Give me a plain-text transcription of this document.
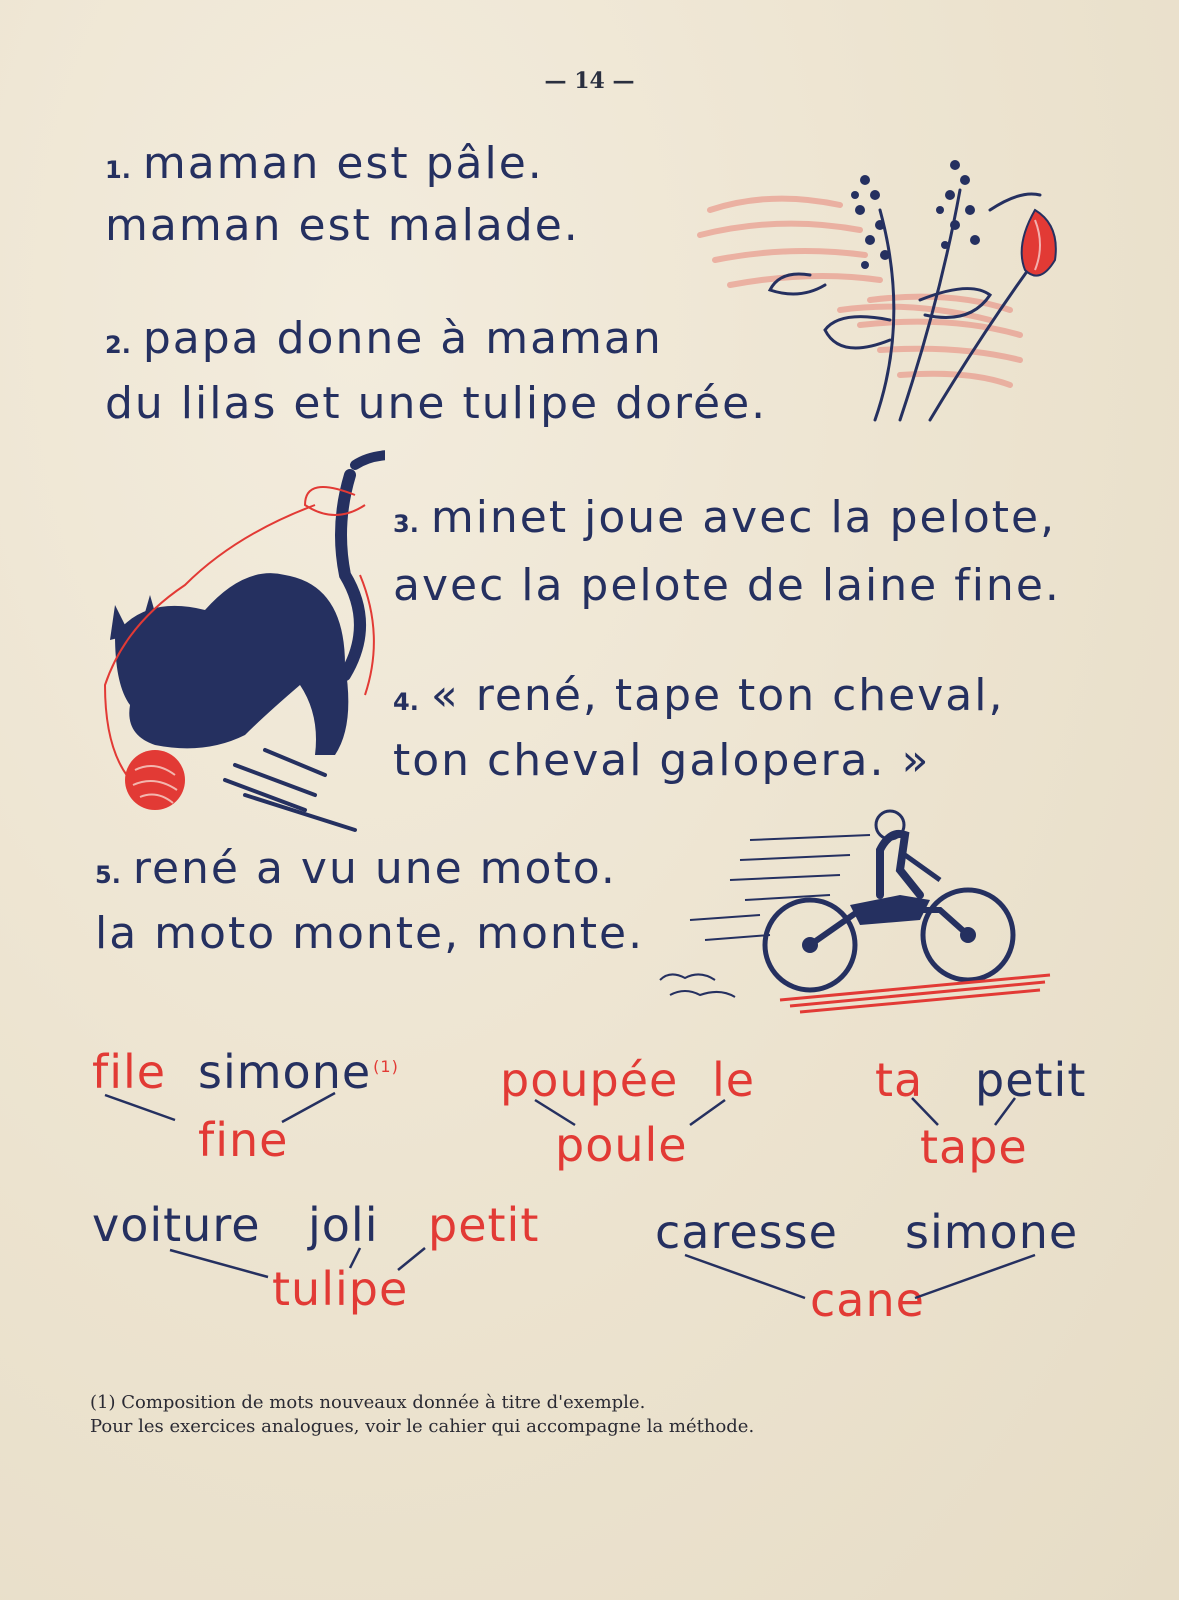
— 14 —
1. maman est pâle.
maman est malade.
2. papa donne à maman
du lilas et une tulipe dorée.
3. minet joue avec la pelote,
avec la pelote de laine fine.
4. « rené, tape ton cheval,
ton cheval galopera. »
5. rené a vu une moto.
la moto monte, monte.
file simone $^{(1)}$
fine
poupée le
poule
ta petit
tape
voiture joli petit
tulipe
caresse simone
cane
(1) Composition de mots nouveaux donnée à titre d'exemple.
Pour les exercices analogues, voir le cahier qui accompagne la méthode.
